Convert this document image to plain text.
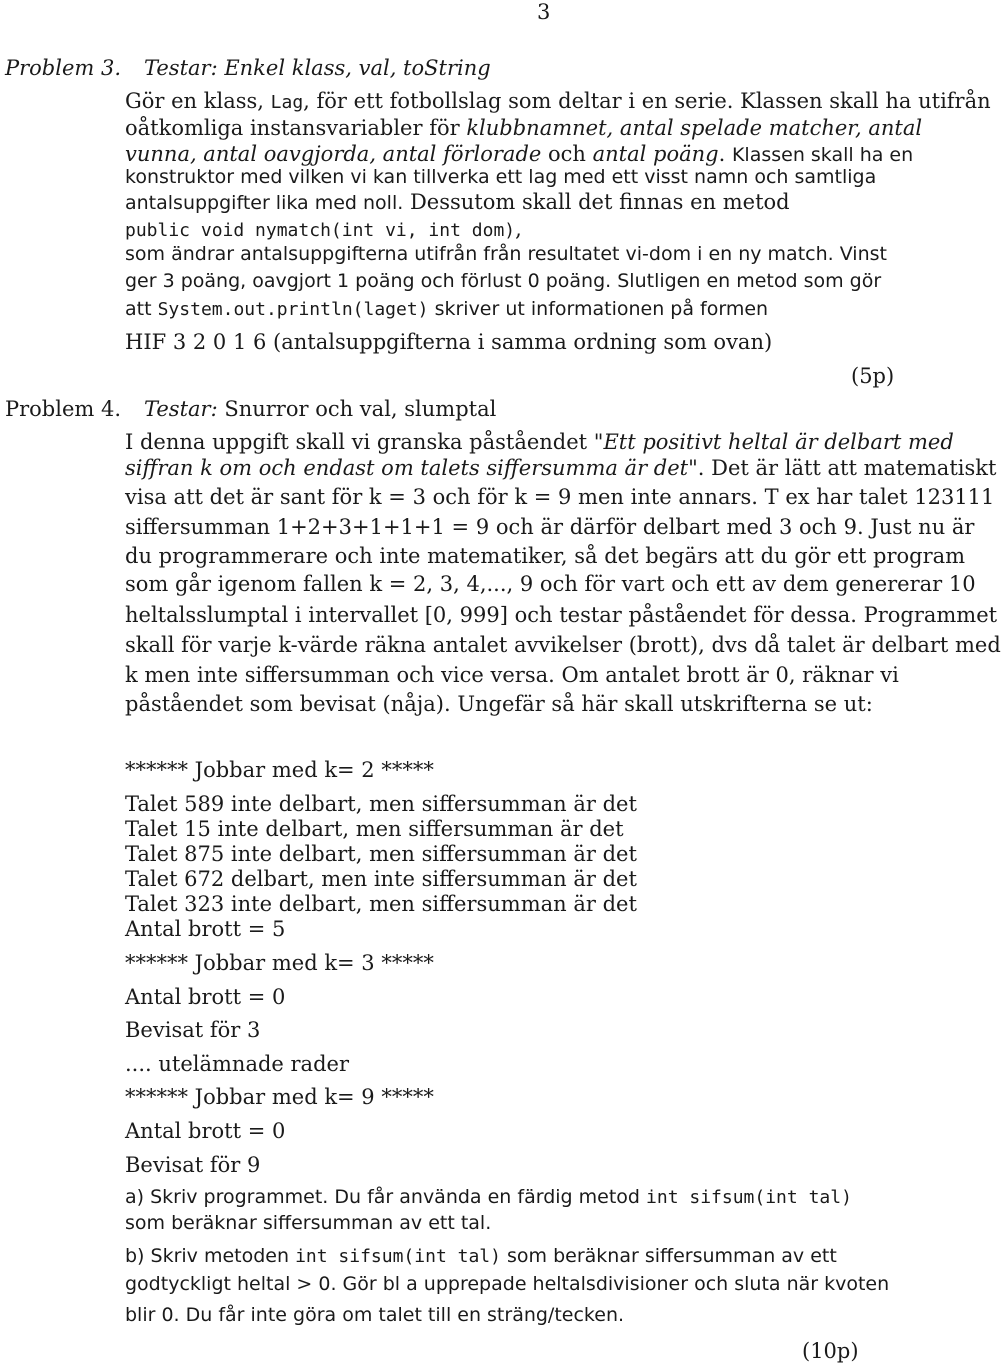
3
Problem 3. Testar: Enkel klass, val, toString
Gör en klass, Lag, för ett fotbollslag som deltar i en serie. Klassen skall ha utifrån
oåtkomliga instansvariabler för klubbnamnet, antal spelade matcher, antal
vunna, antal oavgjorda, antal förlorade och antal poäng. Klassen skall ha en
konstruktor med vilken vi kan tillverka ett lag med ett visst namn och samtliga
antalsuppgifter lika med noll. Dessutom skall det finnas en metod
public void nymatch(int vi, int dom),
som ändrar antalsuppgifterna utifrån från resultatet vi-dom i en ny match. Vinst
ger 3 poäng, oavgjort 1 poäng och förlust 0 poäng. Slutligen en metod som gör
att System.out.println(laget) skriver ut informationen på formen
HIF 3 2 0 1 6 (antalsuppgifterna i samma ordning som ovan)
(5p)
Problem 4. Testar: Snurror och val, slumptal
I denna uppgift skall vi granska påståendet "Ett positivt heltal är delbart med
siffran k om och endast om talets siffersumma är det". Det är lätt att matematiskt
visa att det är sant för k = 3 och för k = 9 men inte annars. T ex har talet 123111
siffersumman 1+2+3+1+1+1 = 9 och är därför delbart med 3 och 9. Just nu är
du programmerare och inte matematiker, så det begärs att du gör ett program
som går igenom fallen k = 2, 3, 4,..., 9 och för vart och ett av dem genererar 10
heltalsslumptal i intervallet [0, 999] och testar påståendet för dessa. Programmet
skall för varje k-värde räkna antalet avvikelser (brott), dvs då talet är delbart med
k men inte siffersumman och vice versa. Om antalet brott är 0, räknar vi
påståendet som bevisat (nåja). Ungefär så här skall utskrifterna se ut:
****** Jobbar med k= 2 *****
Talet 589 inte delbart, men siffersumman är det
Talet 15 inte delbart, men siffersumman är det
Talet 875 inte delbart, men siffersumman är det
Talet 672 delbart, men inte siffersumman är det
Talet 323 inte delbart, men siffersumman är det
Antal brott = 5
****** Jobbar med k= 3 *****
Antal brott = 0
Bevisat för 3
.... utelämnade rader
****** Jobbar med k= 9 *****
Antal brott = 0
Bevisat för 9
a) Skriv programmet. Du får använda en färdig metod int sifsum(int tal)
som beräknar siffersumman av ett tal.
b) Skriv metoden int sifsum(int tal) som beräknar siffersumman av ett
godtyckligt heltal > 0. Gör bl a upprepade heltalsdivisioner och sluta när kvoten
blir 0. Du får inte göra om talet till en sträng/tecken.
(10p)
